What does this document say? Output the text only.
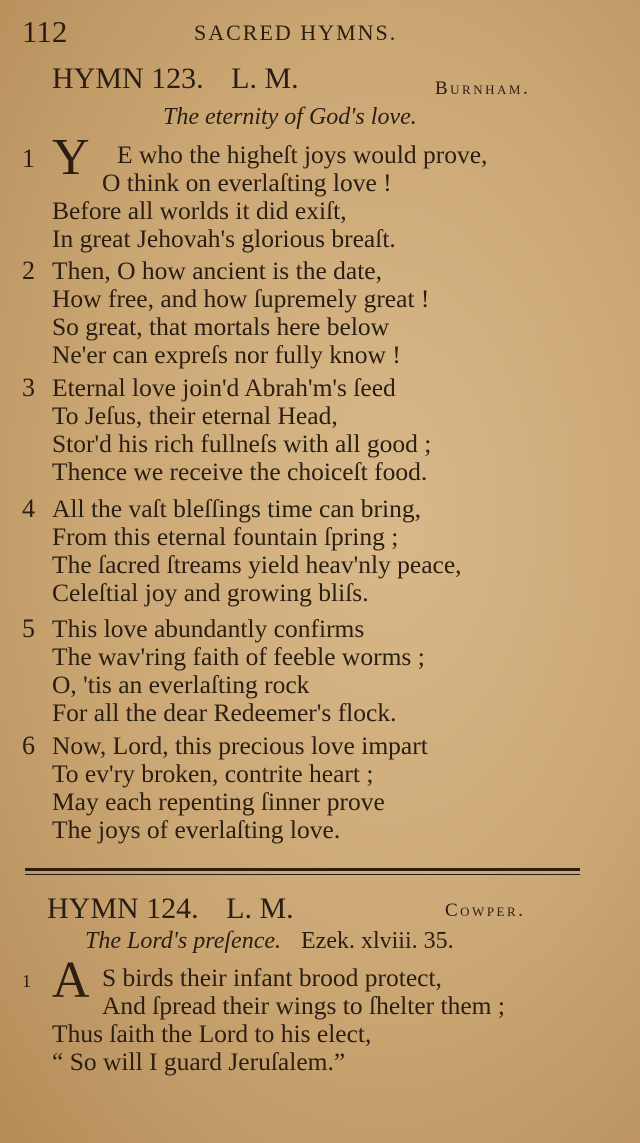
112	SACRED HYMNS.
HYMN 123. L. M.	Burnham.
The eternity of God's love.
1 Y E who the higheſt joys would prove,
O think on everlaſting love !
Before all worlds it did exiſt,
In great Jehovah's glorious breaſt.
2 Then, O how ancient is the date,
How free, and how ſupremely great !
So great, that mortals here below
Ne'er can expreſs nor fully know !
3 Eternal love join'd Abrah'm's ſeed
To Jeſus, their eternal Head,
Stor'd his rich fullneſs with all good ;
Thence we receive the choiceſt food.
4 All the vaſt bleſſings time can bring,
From this eternal fountain ſpring ;
The ſacred ſtreams yield heav'nly peace,
Celeſtial joy and growing bliſs.
5 This love abundantly confirms
The wav'ring faith of feeble worms ;
O, 'tis an everlaſting rock
For all the dear Redeemer's flock.
6 Now, Lord, this precious love impart
To ev'ry broken, contrite heart ;
May each repenting ſinner prove
The joys of everlaſting love.
HYMN 124. L. M.	Cowper.
The Lord's preſence. Ezek. xlviii. 35.
1 A S birds their infant brood protect,
And ſpread their wings to ſhelter them ;
Thus ſaith the Lord to his elect,
“ So will I guard Jeruſalem.”
